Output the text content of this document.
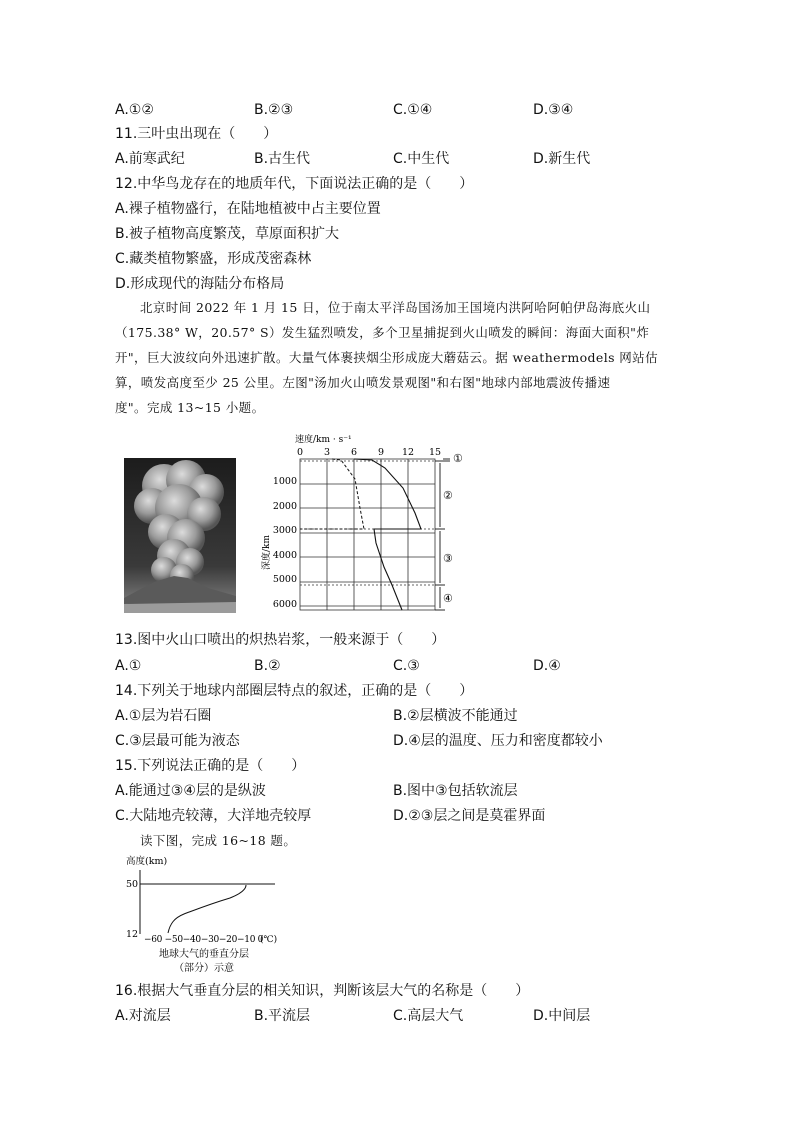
A.①②	B.②③	C.①④	D.③④
11.三叶虫出现在（　　）
A.前寒武纪	B.古生代	C.中生代	D.新生代
12.中华鸟龙存在的地质年代，下面说法正确的是（　　）
A.裸子植物盛行，在陆地植被中占主要位置
B.被子植物高度繁茂，草原面积扩大
C.藏类植物繁盛，形成茂密森林
D.形成现代的海陆分布格局
北京时间 2022 年 1 月 15 日，位于南太平洋岛国汤加王国境内洪阿哈阿帕伊岛海底火山
（175.38° W，20.57° S）发生猛烈喷发，多个卫星捕捉到火山喷发的瞬间：海面大面积"炸
开"，巨大波纹向外迅速扩散。大量气体裹挟烟尘形成庞大蘑菇云。据 weathermodels 网站估
算，喷发高度至少 25 公里。左图"汤加火山喷发景观图"和右图"地球内部地震波传播速
度"。完成 13~15 小题。
速度/km · s⁻¹
0 3 6 9 12 15
1000
2000
3000
4000
5000
6000
深度/km
①
②
③
④
13.图中火山口喷出的炽热岩浆，一般来源于（　　）
A.①	B.②	C.③	D.④
14.下列关于地球内部圈层特点的叙述，正确的是（　　）
A.①层为岩石圈	B.②层横波不能通过
C.③层最可能为液态	D.④层的温度、压力和密度都较小
15.下列说法正确的是（　　）
A.能通过③④层的是纵波	B.图中③包括软流层
C.大陆地壳较薄，大洋地壳较厚	D.②③层之间是莫霍界面
读下图，完成 16~18 题。
高度(km)
50
12 −60 −50−40−30−20−10 0
(℃)
地球大气的垂直分层
（部分）示意
16.根据大气垂直分层的相关知识，判断该层大气的名称是（　　）
A.对流层	B.平流层	C.高层大气	D.中间层
